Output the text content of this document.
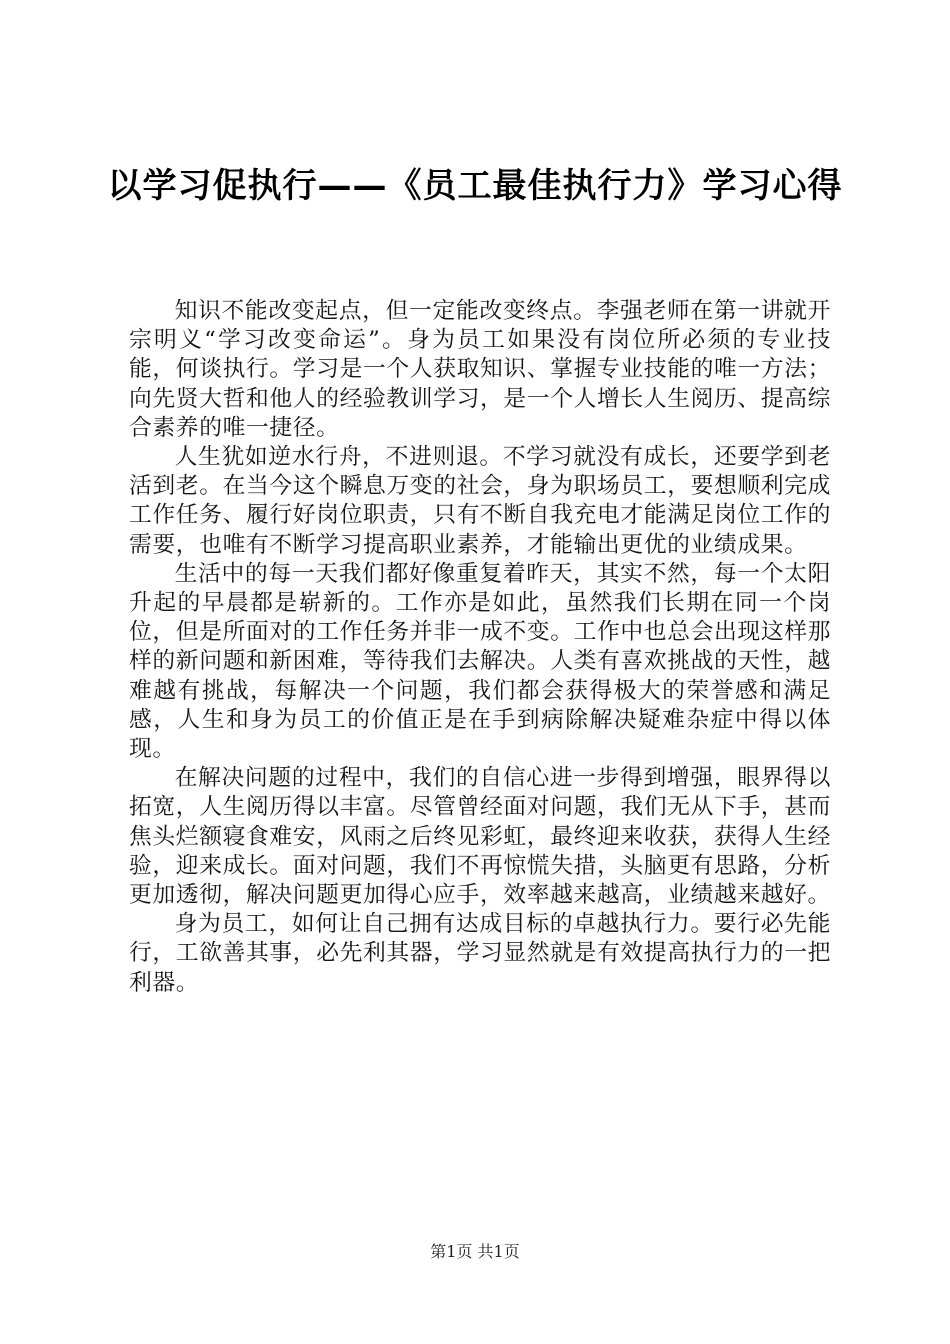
以学习促执行——《员工最佳执行力》学习心得

知识不能改变起点，但一定能改变终点。李强老师在第一讲就开宗明义“学习改变命运”。身为员工如果没有岗位所必须的专业技能，何谈执行。学习是一个人获取知识、掌握专业技能的唯一方法；向先贤大哲和他人的经验教训学习，是一个人增长人生阅历、提高综合素养的唯一捷径。

人生犹如逆水行舟，不进则退。不学习就没有成长，还要学到老活到老。在当今这个瞬息万变的社会，身为职场员工，要想顺利完成工作任务、履行好岗位职责，只有不断自我充电才能满足岗位工作的需要，也唯有不断学习提高职业素养，才能输出更优的业绩成果。

生活中的每一天我们都好像重复着昨天，其实不然，每一个太阳升起的早晨都是崭新的。工作亦是如此，虽然我们长期在同一个岗位，但是所面对的工作任务并非一成不变。工作中也总会出现这样那样的新问题和新困难，等待我们去解决。人类有喜欢挑战的天性，越难越有挑战，每解决一个问题，我们都会获得极大的荣誉感和满足感，人生和身为员工的价值正是在手到病除解决疑难杂症中得以体现。

在解决问题的过程中，我们的自信心进一步得到增强，眼界得以拓宽，人生阅历得以丰富。尽管曾经面对问题，我们无从下手，甚而焦头烂额寝食难安，风雨之后终见彩虹，最终迎来收获，获得人生经验，迎来成长。面对问题，我们不再惊慌失措，头脑更有思路，分析更加透彻，解决问题更加得心应手，效率越来越高，业绩越来越好。

身为员工，如何让自己拥有达成目标的卓越执行力。要行必先能行，工欲善其事，必先利其器，学习显然就是有效提高执行力的一把利器。

第1页 共1页
